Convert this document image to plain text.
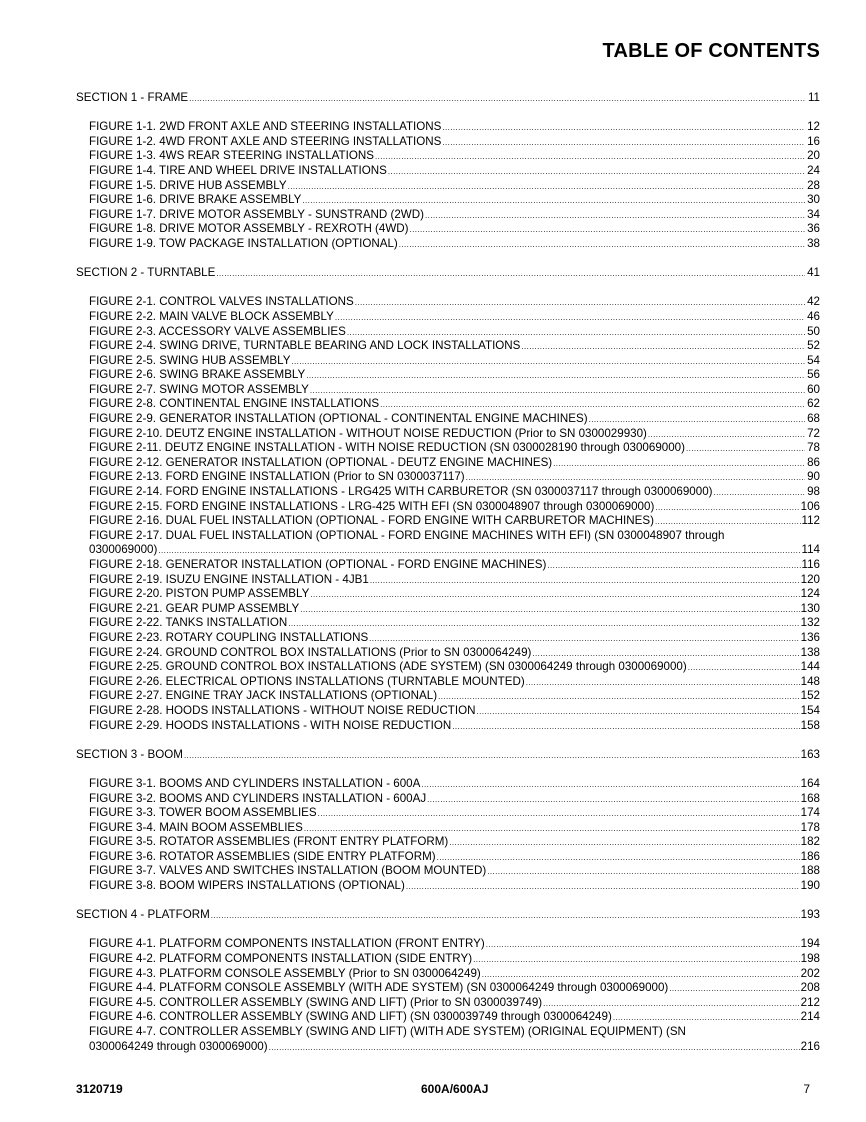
TABLE OF CONTENTS
SECTION 1 - FRAME .....	11
FIGURE 1-1. 2WD FRONT AXLE AND STEERING INSTALLATIONS .....	12
FIGURE 1-2. 4WD FRONT AXLE AND STEERING INSTALLATIONS .....	16
FIGURE 1-3. 4WS REAR STEERING INSTALLATIONS .....	20
FIGURE 1-4. TIRE AND WHEEL DRIVE INSTALLATIONS .....	24
FIGURE 1-5. DRIVE HUB ASSEMBLY .....	28
FIGURE 1-6. DRIVE BRAKE ASSEMBLY .....	30
FIGURE 1-7. DRIVE MOTOR ASSEMBLY - SUNSTRAND (2WD) .....	34
FIGURE 1-8. DRIVE MOTOR ASSEMBLY - REXROTH (4WD) .....	36
FIGURE 1-9. TOW PACKAGE INSTALLATION (OPTIONAL) .....	38
SECTION 2 - TURNTABLE .....	41
FIGURE 2-1. CONTROL VALVES INSTALLATIONS .....	42
FIGURE 2-2. MAIN VALVE BLOCK ASSEMBLY .....	46
FIGURE 2-3. ACCESSORY VALVE ASSEMBLIES .....	50
FIGURE 2-4. SWING DRIVE, TURNTABLE BEARING AND LOCK INSTALLATIONS .....	52
FIGURE 2-5. SWING HUB ASSEMBLY .....	54
FIGURE 2-6. SWING BRAKE ASSEMBLY .....	56
FIGURE 2-7. SWING MOTOR ASSEMBLY .....	60
FIGURE 2-8. CONTINENTAL ENGINE INSTALLATIONS .....	62
FIGURE 2-9. GENERATOR INSTALLATION (OPTIONAL - CONTINENTAL ENGINE MACHINES) .....	68
FIGURE 2-10. DEUTZ ENGINE INSTALLATION - WITHOUT NOISE REDUCTION (Prior to SN 0300029930) .....	72
FIGURE 2-11. DEUTZ ENGINE INSTALLATION - WITH NOISE REDUCTION (SN 0300028190 through 030069000) .....	78
FIGURE 2-12. GENERATOR INSTALLATION (OPTIONAL - DEUTZ ENGINE MACHINES) .....	86
FIGURE 2-13. FORD ENGINE INSTALLATION (Prior to SN 0300037117) .....	90
FIGURE 2-14. FORD ENGINE INSTALLATIONS - LRG425 WITH CARBURETOR (SN 0300037117 through 0300069000) .....	98
FIGURE 2-15. FORD ENGINE INSTALLATIONS - LRG-425 WITH EFI (SN 0300048907 through 0300069000) .....	106
FIGURE 2-16. DUAL FUEL INSTALLATION (OPTIONAL - FORD ENGINE WITH CARBURETOR MACHINES) .....	112
FIGURE 2-17. DUAL FUEL INSTALLATION (OPTIONAL - FORD ENGINE MACHINES WITH EFI) (SN 0300048907 through
0300069000) .....	114
FIGURE 2-18. GENERATOR INSTALLATION (OPTIONAL - FORD ENGINE MACHINES) .....	116
FIGURE 2-19. ISUZU ENGINE INSTALLATION - 4JB1 .....	120
FIGURE 2-20. PISTON PUMP ASSEMBLY .....	124
FIGURE 2-21. GEAR PUMP ASSEMBLY .....	130
FIGURE 2-22. TANKS INSTALLATION .....	132
FIGURE 2-23. ROTARY COUPLING INSTALLATIONS .....	136
FIGURE 2-24. GROUND CONTROL BOX INSTALLATIONS (Prior to SN 0300064249) .....	138
FIGURE 2-25. GROUND CONTROL BOX INSTALLATIONS (ADE SYSTEM) (SN 0300064249 through 0300069000) .....	144
FIGURE 2-26. ELECTRICAL OPTIONS INSTALLATIONS (TURNTABLE MOUNTED) .....	148
FIGURE 2-27. ENGINE TRAY JACK INSTALLATIONS (OPTIONAL) .....	152
FIGURE 2-28. HOODS INSTALLATIONS - WITHOUT NOISE REDUCTION .....	154
FIGURE 2-29. HOODS INSTALLATIONS - WITH NOISE REDUCTION .....	158
SECTION 3 - BOOM .....	163
FIGURE 3-1. BOOMS AND CYLINDERS INSTALLATION - 600A .....	164
FIGURE 3-2. BOOMS AND CYLINDERS INSTALLATION - 600AJ .....	168
FIGURE 3-3. TOWER BOOM ASSEMBLIES .....	174
FIGURE 3-4. MAIN BOOM ASSEMBLIES .....	178
FIGURE 3-5. ROTATOR ASSEMBLIES (FRONT ENTRY PLATFORM) .....	182
FIGURE 3-6. ROTATOR ASSEMBLIES (SIDE ENTRY PLATFORM) .....	186
FIGURE 3-7. VALVES AND SWITCHES INSTALLATION (BOOM MOUNTED) .....	188
FIGURE 3-8. BOOM WIPERS INSTALLATIONS (OPTIONAL) .....	190
SECTION 4 - PLATFORM .....	193
FIGURE 4-1. PLATFORM COMPONENTS INSTALLATION (FRONT ENTRY) .....	194
FIGURE 4-2. PLATFORM COMPONENTS INSTALLATION (SIDE ENTRY) .....	198
FIGURE 4-3. PLATFORM CONSOLE ASSEMBLY (Prior to SN 0300064249) .....	202
FIGURE 4-4. PLATFORM CONSOLE ASSEMBLY (WITH ADE SYSTEM) (SN 0300064249 through 0300069000) .....	208
FIGURE 4-5. CONTROLLER ASSEMBLY (SWING AND LIFT) (Prior to SN 0300039749) .....	212
FIGURE 4-6. CONTROLLER ASSEMBLY (SWING AND LIFT) (SN 0300039749 through 0300064249) .....	214
FIGURE 4-7. CONTROLLER ASSEMBLY (SWING AND LIFT) (WITH ADE SYSTEM) (ORIGINAL EQUIPMENT) (SN
0300064249 through 0300069000) .....	216
3120719	600A/600AJ	7
